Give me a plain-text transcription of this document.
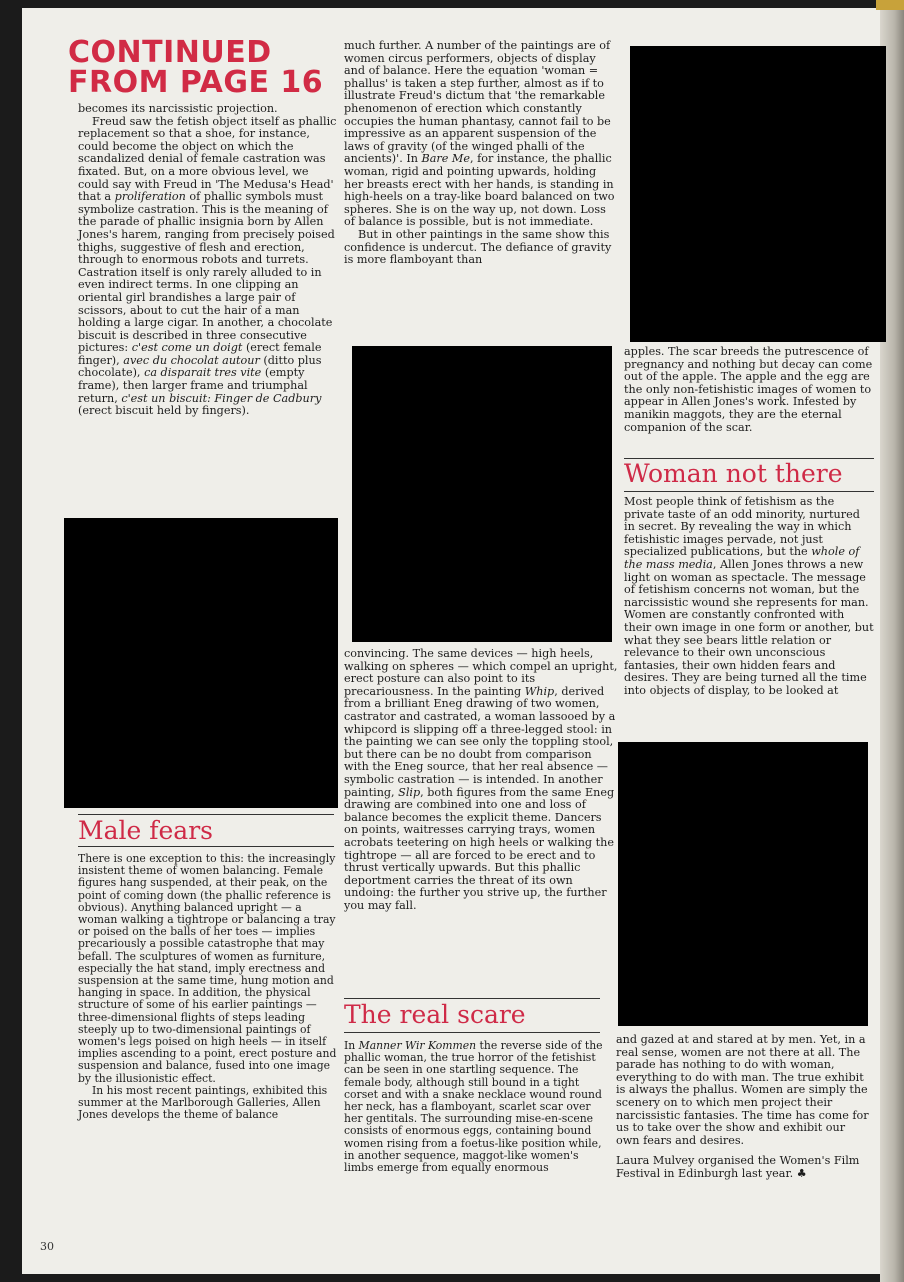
CONTINUED
FROM PAGE 16

becomes its narcissistic projection.

Freud saw the fetish object itself as phallic replacement so that a shoe, for instance, could become the object on which the scandalized denial of female castration was fixated. But, on a more obvious level, we could say with Freud in 'The Medusa's Head' that a proliferation of phallic symbols must symbolize castration. This is the meaning of the parade of phallic insignia born by Allen Jones's harem, ranging from precisely poised thighs, suggestive of flesh and erection, through to enormous robots and turrets. Castration itself is only rarely alluded to in even indirect terms. In one clipping an oriental girl brandishes a large pair of scissors, about to cut the hair of a man holding a large cigar. In another, a chocolate biscuit is described in three consecutive pictures: c'est come un doigt (erect female finger), avec du chocolat autour (ditto plus chocolate), ca disparait tres vite (empty frame), then larger frame and triumphal return, c'est un biscuit: Finger de Cadbury (erect biscuit held by fingers).

Male fears

There is one exception to this: the increasingly insistent theme of women balancing. Female figures hang suspended, at their peak, on the point of coming down (the phallic reference is obvious). Anything balanced upright — a woman walking a tightrope or balancing a tray or poised on the balls of her toes — implies precariously a possible catastrophe that may befall. The sculptures of women as furniture, especially the hat stand, imply erectness and suspension at the same time, hung motion and hanging in space. In addition, the physical structure of some of his earlier paintings — three-dimensional flights of steps leading steeply up to two-dimensional paintings of women's legs poised on high heels — in itself implies ascending to a point, erect posture and suspension and balance, fused into one image by the illusionistic effect.

In his most recent paintings, exhibited this summer at the Marlborough Galleries, Allen Jones develops the theme of balance

much further. A number of the paintings are of women circus performers, objects of display and of balance. Here the equation 'woman = phallus' is taken a step further, almost as if to illustrate Freud's dictum that 'the remarkable phenomenon of erection which constantly occupies the human phantasy, cannot fail to be impressive as an apparent suspension of the laws of gravity (of the winged phalli of the ancients)'. In Bare Me, for instance, the phallic woman, rigid and pointing upwards, holding her breasts erect with her hands, is standing in high-heels on a tray-like board balanced on two spheres. She is on the way up, not down. Loss of balance is possible, but is not immediate.

But in other paintings in the same show this confidence is undercut. The defiance of gravity is more flamboyant than

convincing. The same devices — high heels, walking on spheres — which compel an upright, erect posture can also point to its precariousness. In the painting Whip, derived from a brilliant Eneg drawing of two women, castrator and castrated, a woman lassooed by a whipcord is slipping off a three-legged stool: in the painting we can see only the toppling stool, but there can be no doubt from comparison with the Eneg source, that her real absence — symbolic castration — is intended. In another painting, Slip, both figures from the same Eneg drawing are combined into one and loss of balance becomes the explicit theme. Dancers on points, waitresses carrying trays, women acrobats teetering on high heels or walking the tightrope — all are forced to be erect and to thrust vertically upwards. But this phallic deportment carries the threat of its own undoing: the further you strive up, the further you may fall.

The real scare

In Manner Wir Kommen the reverse side of the phallic woman, the true horror of the fetishist can be seen in one startling sequence. The female body, although still bound in a tight corset and with a snake necklace wound round her neck, has a flamboyant, scarlet scar over her gentitals. The surrounding mise-en-scene consists of enormous eggs, containing bound women rising from a foetus-like position while, in another sequence, maggot-like women's limbs emerge from equally enormous

apples. The scar breeds the putrescence of pregnancy and nothing but decay can come out of the apple. The apple and the egg are the only non-fetishistic images of women to appear in Allen Jones's work. Infested by manikin maggots, they are the eternal companion of the scar.

Woman not there

Most people think of fetishism as the private taste of an odd minority, nurtured in secret. By revealing the way in which fetishistic images pervade, not just specialized publications, but the whole of the mass media, Allen Jones throws a new light on woman as spectacle. The message of fetishism concerns not woman, but the narcissistic wound she represents for man. Women are constantly confronted with their own image in one form or another, but what they see bears little relation or relevance to their own unconscious fantasies, their own hidden fears and desires. They are being turned all the time into objects of display, to be looked at

and gazed at and stared at by men. Yet, in a real sense, women are not there at all. The parade has nothing to do with woman, everything to do with man. The true exhibit is always the phallus. Women are simply the scenery on to which men project their narcissistic fantasies. The time has come for us to take over the show and exhibit our own fears and desires.

Laura Mulvey organised the Women's Film Festival in Edinburgh last year. ♣

30
